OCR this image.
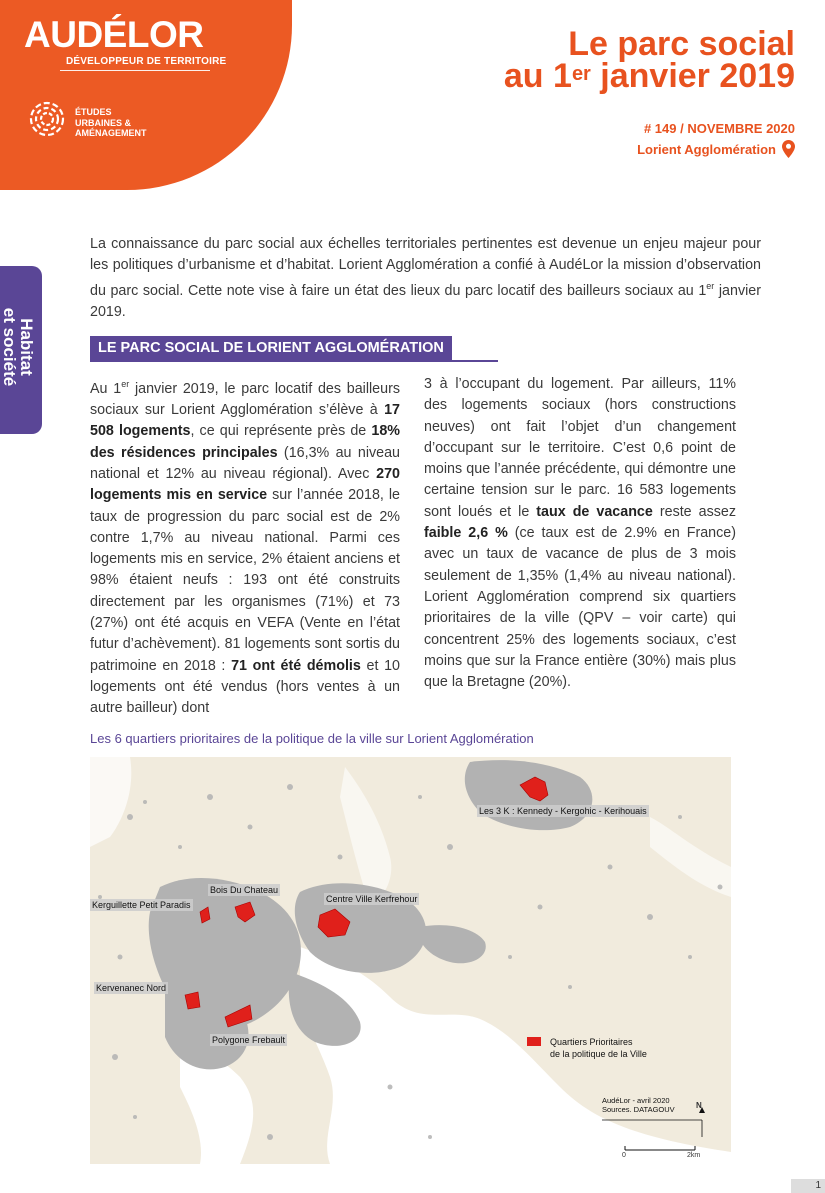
AUDÉLOR
DÉVELOPPEUR DE TERRITOIRE
ÉTUDES
URBAINES &
AMÉNAGEMENT
Le parc social
au 1er janvier 2019
# 149 / NOVEMBRE 2020
Lorient Agglomération
Habitat
et société
La connaissance du parc social aux échelles territoriales pertinentes est devenue un enjeu majeur pour les politiques d’urbanisme et d’habitat. Lorient Agglomération a confié à AudéLor la mission d’observation du parc social. Cette note vise à faire un état des lieux du parc locatif des bailleurs sociaux au 1er janvier 2019.
LE PARC SOCIAL DE LORIENT AGGLOMÉRATION
Au 1er janvier 2019, le parc locatif des bailleurs sociaux sur Lorient Agglomération s’élève à 17 508 logements, ce qui représente près de 18% des résidences principales (16,3% au niveau national et 12% au niveau régional). Avec 270 logements mis en service sur l’année 2018, le taux de progression du parc social est de 2% contre 1,7% au niveau national. Parmi ces logements mis en service, 2% étaient anciens et 98% étaient neufs : 193 ont été construits directement par les organismes (71%) et 73 (27%) ont été acquis en VEFA (Vente en l’état futur d’achèvement). 81 logements sont sortis du patrimoine en 2018 : 71 ont été démolis et 10 logements ont été vendus (hors ventes à un autre bailleur) dont
3 à l’occupant du logement. Par ailleurs, 11% des logements sociaux (hors constructions neuves) ont fait l’objet d’un changement d’occupant sur le territoire. C’est 0,6 point de moins que l’année précédente, qui démontre une certaine tension sur le parc. 16 583 logements sont loués et le taux de vacance reste assez faible 2,6 % (ce taux est de 2.9% en France) avec un taux de vacance de plus de 3 mois seulement de 1,35% (1,4% au niveau national). Lorient Agglomération comprend six quartiers prioritaires de la ville (QPV – voir carte) qui concentrent 25% des logements sociaux, c’est moins que sur la France entière (30%) mais plus que la Bretagne (20%).
Les 6 quartiers prioritaires de la politique de la ville sur Lorient Agglomération
Les 3 K : Kennedy - Kergohic - Kerihouais
Bois Du Chateau
Kerguillette Petit Paradis
Centre Ville Kerfrehour
Kervenanec Nord
Polygone Frebault	Quartiers Prioritaires
de la politique de la Ville
AudéLor - avril 2020
Sources. DATAGOUV	N
0	2km
1
